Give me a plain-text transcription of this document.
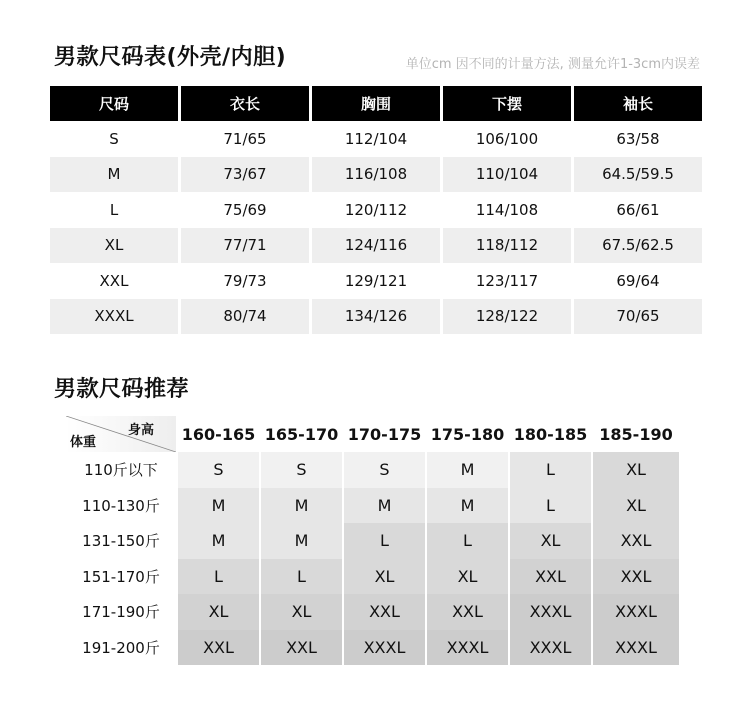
男款尺码表(外壳/内胆)	单位cm 因不同的计量方法, 测量允许1-3cm内误差
尺码	衣长	胸围	下摆	袖长
S	71/65	112/104	106/100	63/58
M	73/67	116/108	110/104	64.5/59.5
L	75/69	120/112	114/108	66/61
XL	77/71	124/116	118/112	67.5/62.5
XXL	79/73	129/121	123/117	69/64
XXXL	80/74	134/126	128/122	70/65
男款尺码推荐
身高
体重	160-165	165-170	170-175	175-180	180-185	185-190
110斤以下	S	S	S	M	L	XL
110-130斤	M	M	M	M	L	XL
131-150斤	M	M	L	L	XL	XXL
151-170斤	L	L	XL	XL	XXL	XXL
171-190斤	XL	XL	XXL	XXL	XXXL	XXXL
191-200斤	XXL	XXL	XXXL	XXXL	XXXL	XXXL
